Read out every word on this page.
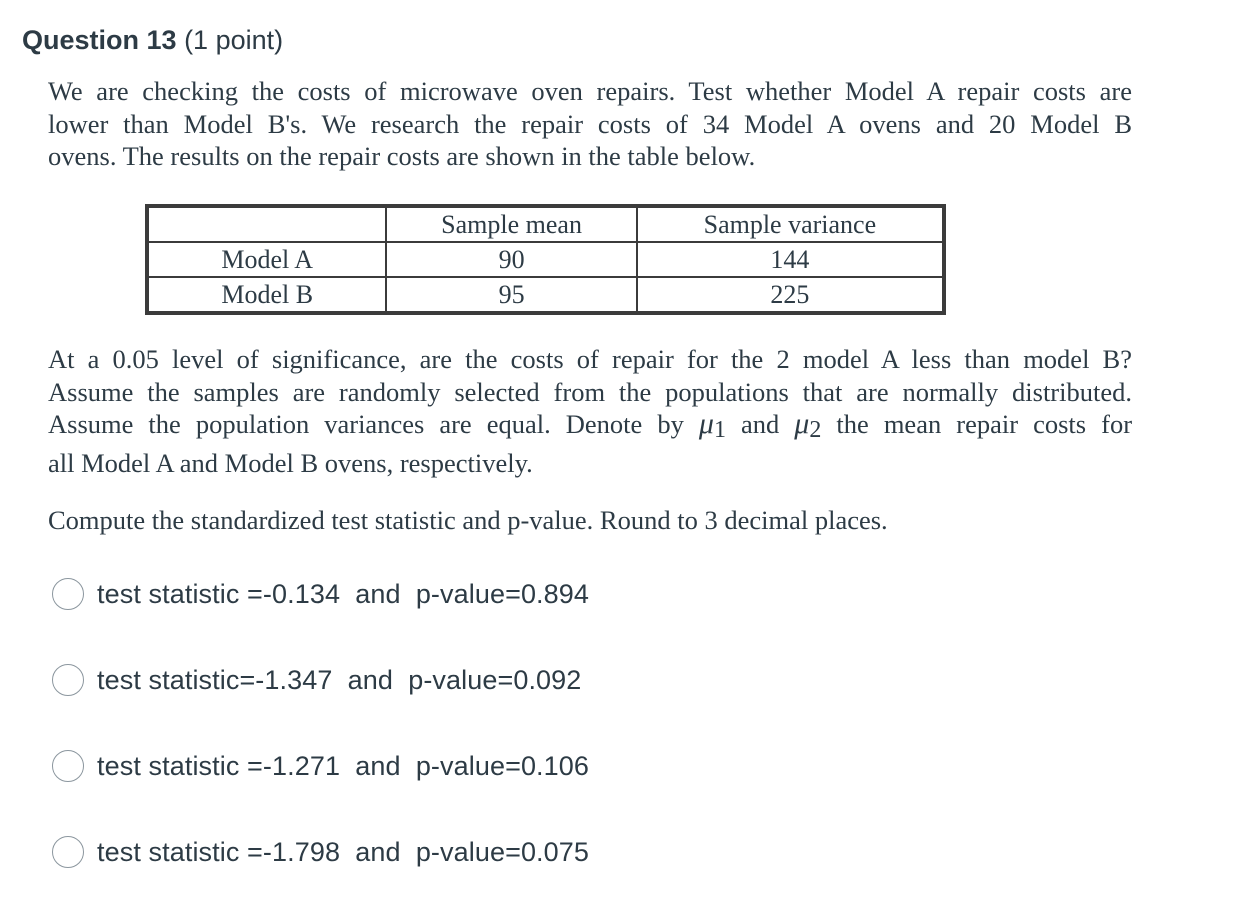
Question 13 (1 point)
We are checking the costs of microwave oven repairs. Test whether Model A repair costs are
lower than Model B's. We research the repair costs of 34 Model A ovens and 20 Model B
ovens. The results on the repair costs are shown in the table below.
	Sample mean	Sample variance
Model A	90	144
Model B	95	225
At a 0.05 level of significance, are the costs of repair for the 2 model A less than model B?
Assume the samples are randomly selected from the populations that are normally distributed.
Assume the population variances are equal. Denote by $\mu_1$ and $\mu_2$ the mean repair costs for
all Model A and Model B ovens, respectively.
Compute the standardized test statistic and p-value. Round to 3 decimal places.
test statistic =-0.134  and  p-value=0.894
test statistic=-1.347  and  p-value=0.092
test statistic =-1.271  and  p-value=0.106
test statistic =-1.798  and  p-value=0.075
